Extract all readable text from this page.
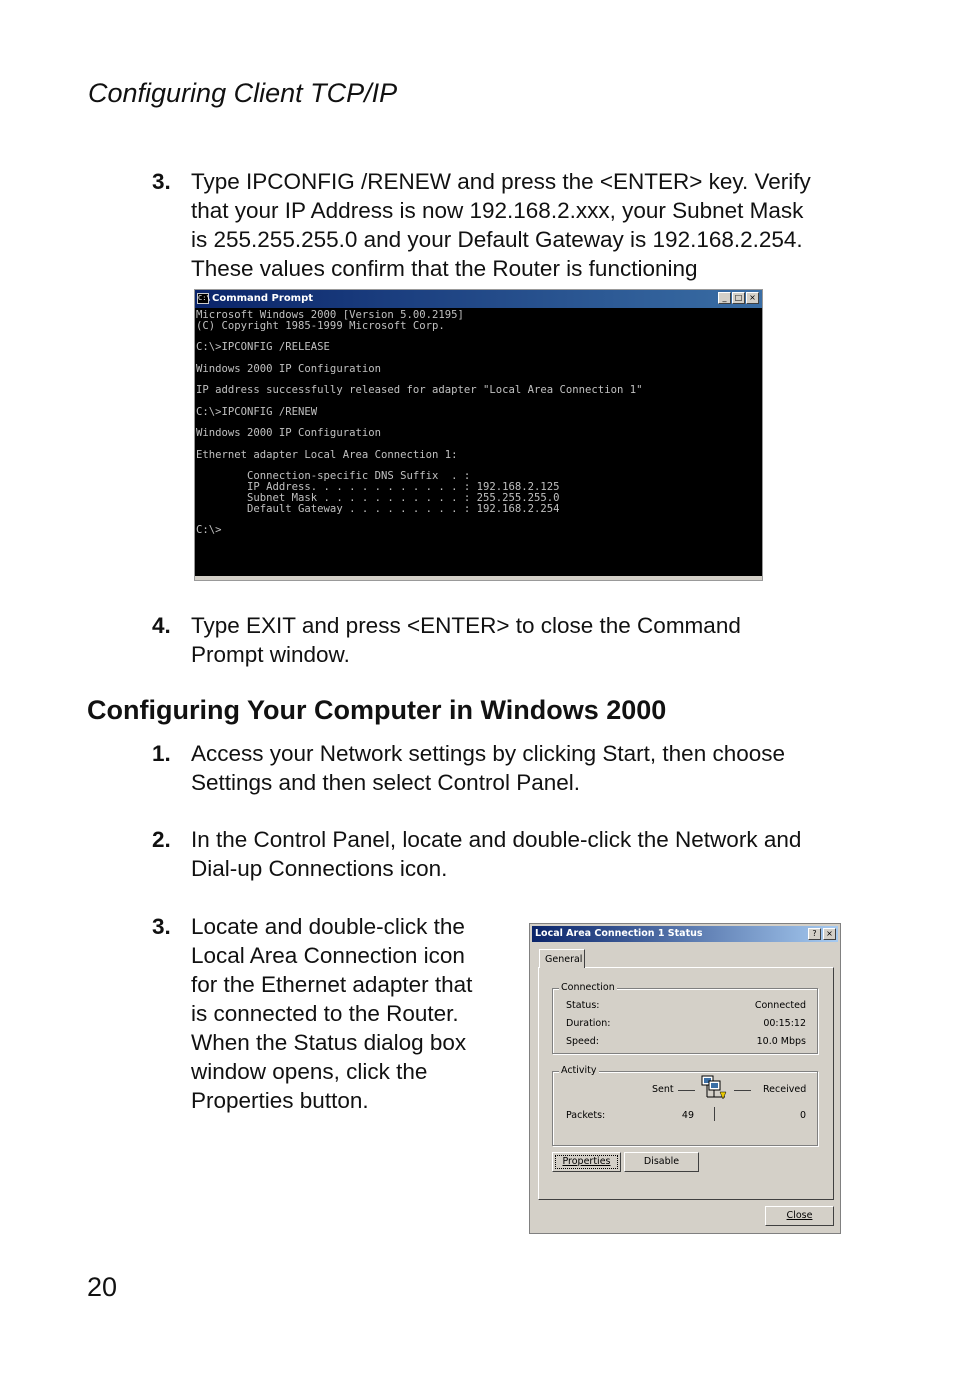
Configuring Client TCP/IP
3. Type IPCONFIG /RENEW and press the <ENTER> key. Verify
that your IP Address is now 192.168.2.xxx, your Subnet Mask
is 255.255.255.0 and your Default Gateway is 192.168.2.254.
These values confirm that the Router is functioning
C:\ Command Prompt	_	□ ×
Microsoft Windows 2000 [Version 5.00.2195]
(C) Copyright 1985-1999 Microsoft Corp.

C:\>IPCONFIG /RELEASE

Windows 2000 IP Configuration

IP address successfully released for adapter "Local Area Connection 1"

C:\>IPCONFIG /RENEW

Windows 2000 IP Configuration

Ethernet adapter Local Area Connection 1:

Connection-specific DNS Suffix  . :
IP Address. . . . . . . . . . . . : 192.168.2.125
Subnet Mask . . . . . . . . . . . : 255.255.255.0
Default Gateway . . . . . . . . . : 192.168.2.254

C:\>
4. Type EXIT and press <ENTER> to close the Command
Prompt window.
Configuring Your Computer in Windows 2000
1. Access your Network settings by clicking Start, then choose
Settings and then select Control Panel.
2. In the Control Panel, locate and double-click the Network and
Dial-up Connections icon.
3. Locate and double-click the
Local Area Connection icon
for the Ethernet adapter that
is connected to the Router.
When the Status dialog box
window opens, click the
Properties button.
Local Area Connection 1 Status	?	×
General
Connection
Status:	Connected
Duration:	00:15:12
Speed:	10.0 Mbps
Activity
Sent	Received
Packets:	49	0
Properties	Disable
Close
20
